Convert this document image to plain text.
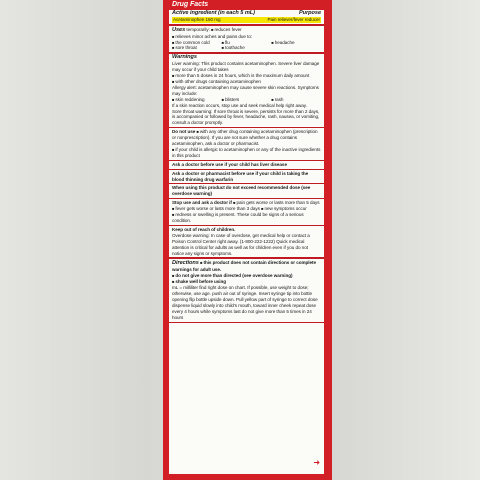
Drug Facts
Active ingredient (in each 5 mL)	Purpose
Acetaminophen 160 mg	Pain reliever/fever reducer
Uses temporarily: ■ reduces fever
■ relieves minor aches and pains due to:
■ the common cold	■ flu	■ headache
■ sore throat	■ toothache
Warnings
Liver warning: This product contains acetaminophen. Severe liver damage may occur if your child takes
■ more than 5 doses in 24 hours, which is the maximum daily amount
■ with other drugs containing acetaminophen
Allergy alert: acetaminophen may cause severe skin reactions. Symptoms may include:
■ skin reddening	■ blisters	■ rash
If a skin reaction occurs, stop use and seek medical help right away.
Sore throat warning: If sore throat is severe, persists for more than 2 days, is accompanied or followed by fever, headache, rash, nausea, or vomiting, consult a doctor promptly.
Do not use ■ with any other drug containing acetaminophen (prescription or nonprescription). If you are not sure whether a drug contains acetaminophen, ask a doctor or pharmacist.
■ if your child is allergic to acetaminophen or any of the inactive ingredients in this product
Ask a doctor before use if your child has liver disease
Ask a doctor or pharmacist before use if your child is taking the blood thinning drug warfarin
When using this product do not exceed recommended dose (see overdose warning)
Stop use and ask a doctor if ■ pain gets worse or lasts more than 5 days ■ fever gets worse or lasts more than 3 days ■ new symptoms occur ■ redness or swelling is present. These could be signs of a serious condition.
Keep out of reach of children.
Overdose warning: In case of overdose, get medical help or contact a Poison Control Center right away. (1-800-222-1222) Quick medical attention is critical for adults as well as for children even if you do not notice any signs or symptoms.
Directions ■ this product does not contain directions or complete warnings for adult use.
■ do not give more than directed (see overdose warning)
■ shake well before using
mL = milliliter find right dose on chart. If possible, use weight to dose; otherwise, use age. push air out of syringe. Insert syringe tip into bottle opening flip bottle upside down. Pull yellow part of syringe to correct dose dispense liquid slowly into child's mouth, toward inner cheek repeat dose every 4 hours while symptoms last do not give more than 5 times in 24 hours
➜
